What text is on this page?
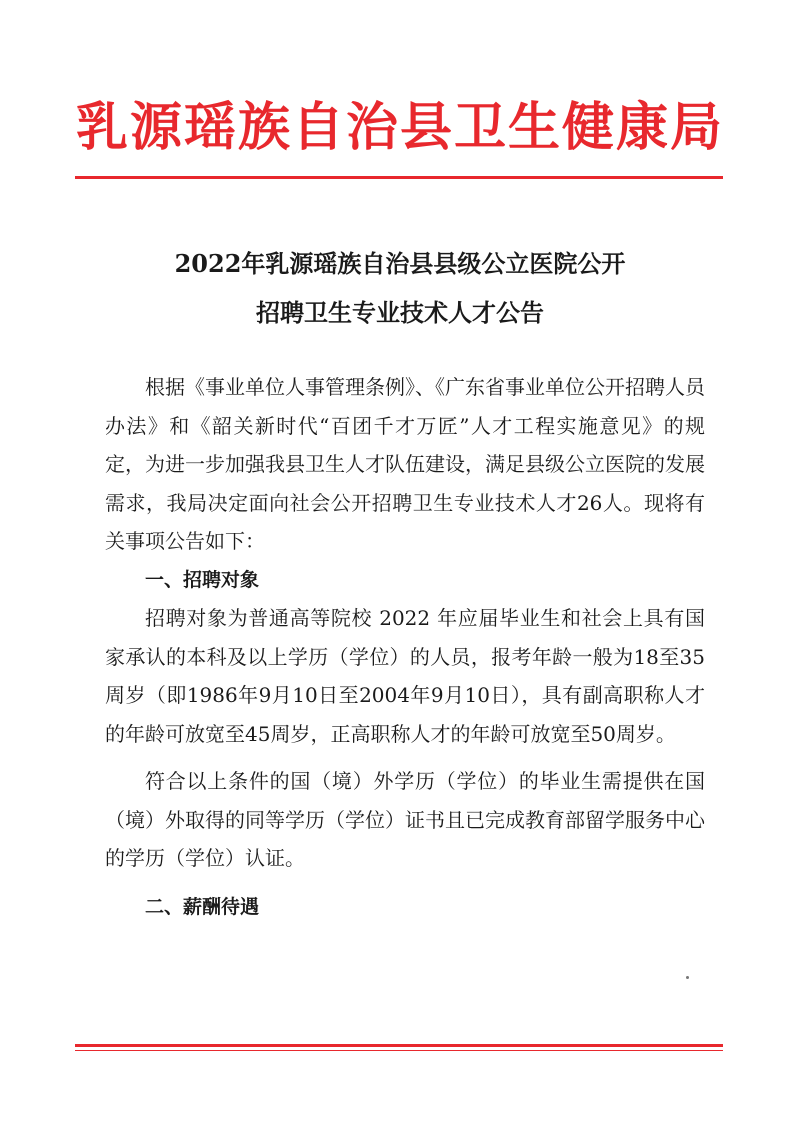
乳源瑶族自治县卫生健康局
2022年乳源瑶族自治县县级公立医院公开
招聘卫生专业技术人才公告

根据《事业单位人事管理条例》、《广东省事业单位公开招聘人员办法》和《韶关新时代“百团千才万匠”人才工程实施意见》的规定，为进一步加强我县卫生人才队伍建设，满足县级公立医院的发展需求，我局决定面向社会公开招聘卫生专业技术人才26人。现将有关事项公告如下：

一、招聘对象

招聘对象为普通高等院校 2022 年应届毕业生和社会上具有国家承认的本科及以上学历（学位）的人员，报考年龄一般为18至35周岁（即1986年9月10日至2004年9月10日），具有副高职称人才的年龄可放宽至45周岁，正高职称人才的年龄可放宽至50周岁。

符合以上条件的国（境）外学历（学位）的毕业生需提供在国（境）外取得的同等学历（学位）证书且已完成教育部留学服务中心的学历（学位）认证。

二、薪酬待遇
